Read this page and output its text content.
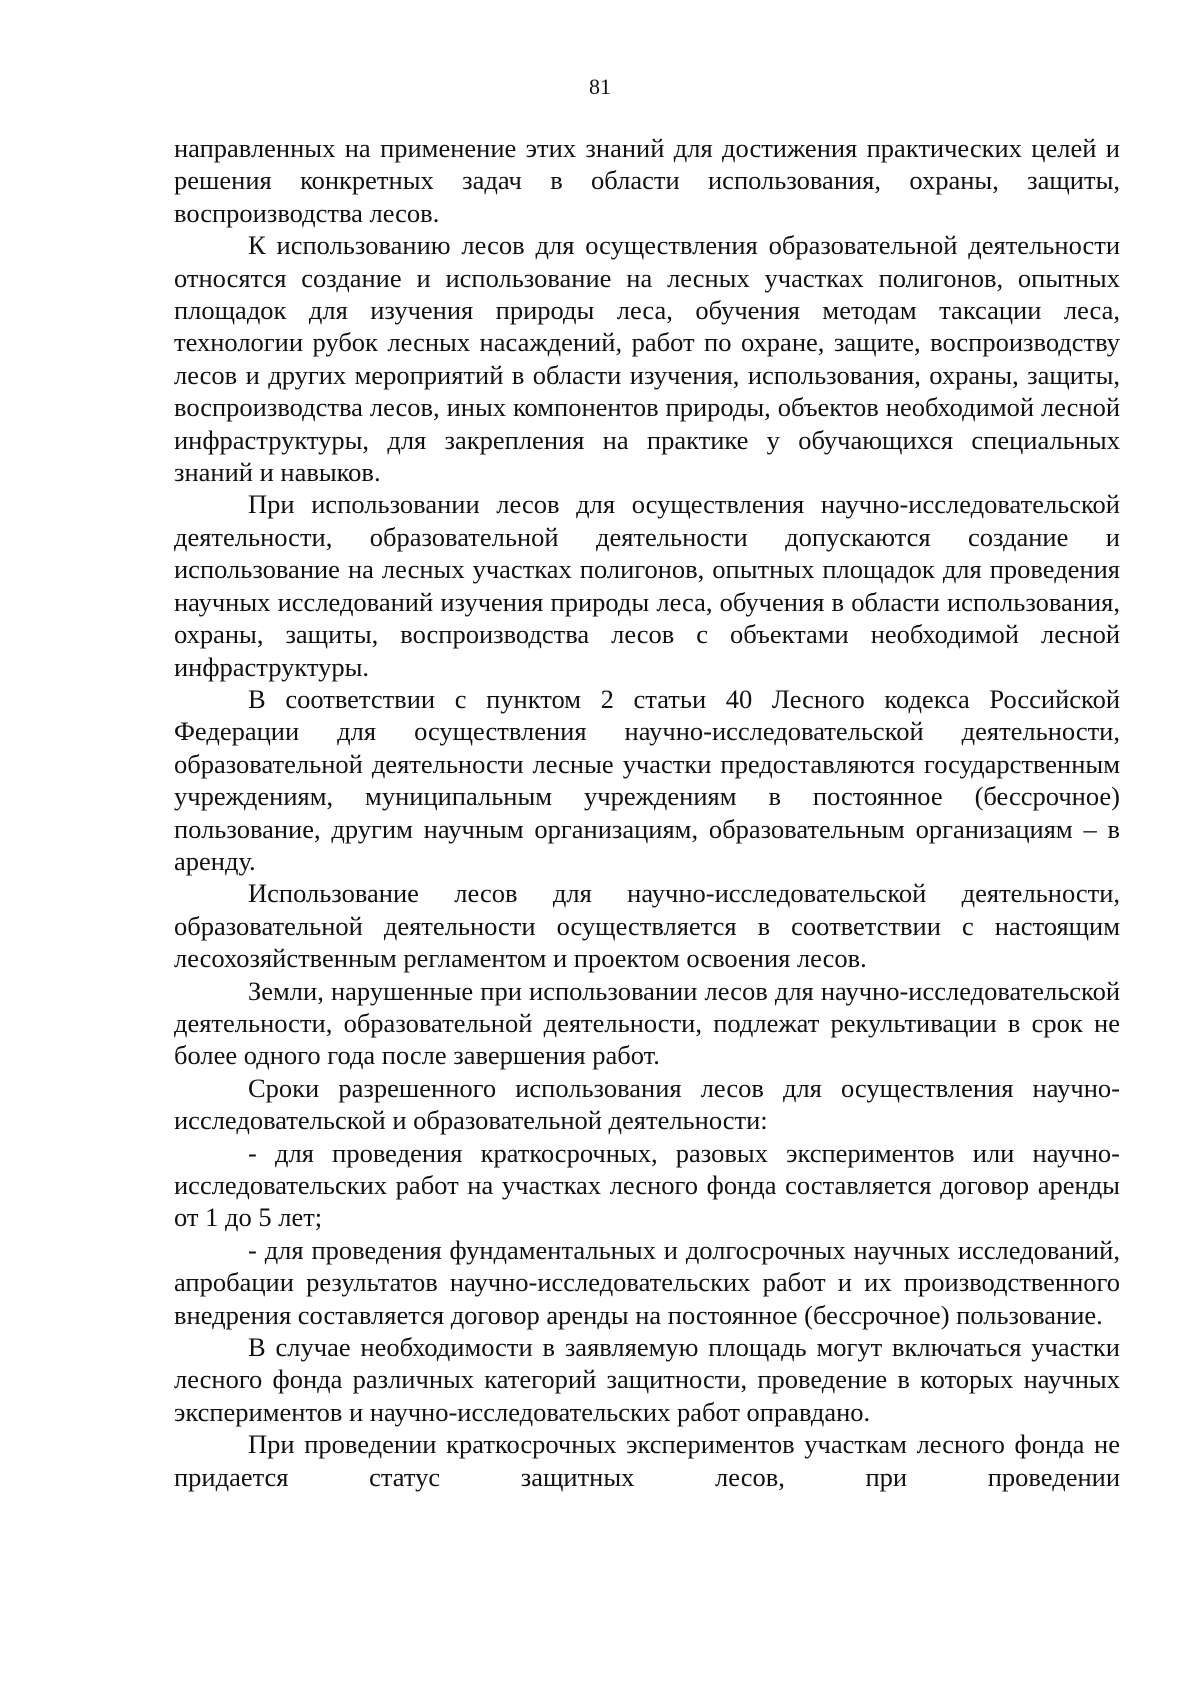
81

направленных на применение этих знаний для достижения практических целей и решения конкретных задач в области использования, охраны, защиты, воспроизводства лесов.

К использованию лесов для осуществления образовательной деятельности относятся создание и использование на лесных участках полигонов, опытных площадок для изучения природы леса, обучения методам таксации леса, технологии рубок лесных насаждений, работ по охране, защите, воспроизводству лесов и других мероприятий в области изучения, использования, охраны, защиты, воспроизводства лесов, иных компонентов природы, объектов необходимой лесной инфраструктуры, для закрепления на практике у обучающихся специальных знаний и навыков.

При использовании лесов для осуществления научно-исследовательской деятельности, образовательной деятельности допускаются создание и использование на лесных участках полигонов, опытных площадок для проведения научных исследований изучения природы леса, обучения в области использования, охраны, защиты, воспроизводства лесов с объектами необходимой лесной инфраструктуры.

В соответствии с пунктом 2 статьи 40 Лесного кодекса Российской Федерации для осуществления научно-исследовательской деятельности, образовательной деятельности лесные участки предоставляются государственным учреждениям, муниципальным учреждениям в постоянное (бессрочное) пользование, другим научным организациям, образовательным организациям – в аренду.

Использование лесов для научно-исследовательской деятельности, образовательной деятельности осуществляется в соответствии с настоящим лесохозяйственным регламентом и проектом освоения лесов.

Земли, нарушенные при использовании лесов для научно-исследовательской деятельности, образовательной деятельности, подлежат рекультивации в срок не более одного года после завершения работ.

Сроки разрешенного использования лесов для осуществления научно-исследовательской и образовательной деятельности:

- для проведения краткосрочных, разовых экспериментов или научно-исследовательских работ на участках лесного фонда составляется договор аренды от 1 до 5 лет;

- для проведения фундаментальных и долгосрочных научных исследований, апробации результатов научно-исследовательских работ и их производственного внедрения составляется договор аренды на постоянное (бессрочное) пользование.

В случае необходимости в заявляемую площадь могут включаться участки лесного фонда различных категорий защитности, проведение в которых научных экспериментов и научно-исследовательских работ оправдано.

При проведении краткосрочных экспериментов участкам лесного фонда не придается статус защитных лесов, при проведении
